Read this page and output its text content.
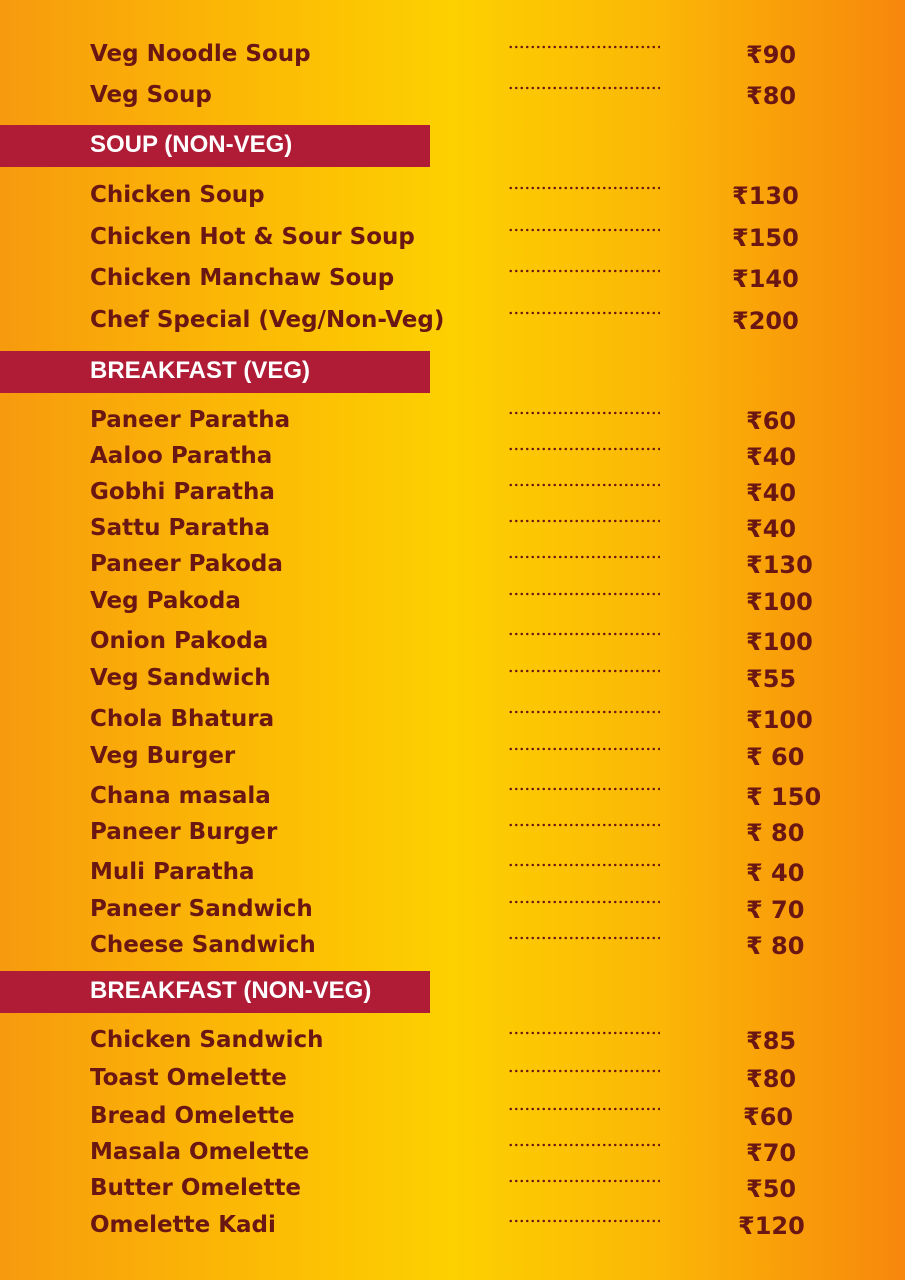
Veg Noodle Soup	₹90
Veg Soup	₹80
SOUP (NON-VEG)
Chicken Soup	₹130
Chicken Hot & Sour Soup	₹150
Chicken Manchaw Soup	₹140
Chef Special (Veg/Non-Veg)	₹200
BREAKFAST (VEG)
Paneer Paratha	₹60
Aaloo Paratha	₹40
Gobhi Paratha	₹40
Sattu Paratha	₹40
Paneer Pakoda	₹130
Veg Pakoda	₹100
Onion Pakoda	₹100
Veg Sandwich	₹55
Chola Bhatura	₹100
Veg Burger	₹ 60
Chana masala	₹ 150
Paneer Burger	₹ 80
Muli Paratha	₹ 40
Paneer Sandwich	₹ 70
Cheese Sandwich	₹ 80
BREAKFAST (NON-VEG)
Chicken Sandwich	₹85
Toast Omelette	₹80
Bread Omelette	₹60
Masala Omelette	₹70
Butter Omelette	₹50
Omelette Kadi	₹120
